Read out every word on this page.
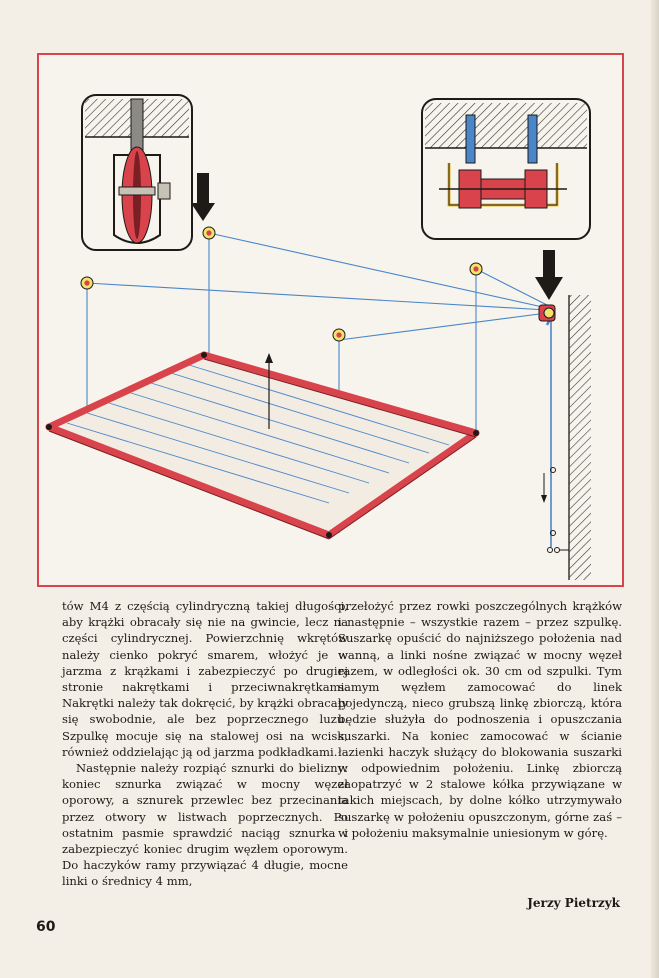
tów M4 z częścią cylindryczną takiej długości, aby krążki obracały się nie na gwincie, lecz na części cylindrycznej. Powierzchnię wkrętów należy cienko pokryć smarem, włożyć je w jarzma z krążkami i zabezpieczyć po drugiej stronie nakrętkami i przeciwnakrętkami. Nakrętki należy tak dokręcić, by krążki obracały się swobodnie, ale bez poprzecznego luzu. Szpulkę mocuje się na stalowej osi na wcisk, również oddzielając ją od jarzma podkładkami.

Następnie należy rozpiąć sznurki do bielizny: koniec sznurka związać w mocny węzeł oporowy, a sznurek przewlec bez przecinania przez otwory w listwach poprzecznych. Po ostatnim pasmie sprawdzić naciąg sznurka i zabezpieczyć koniec drugim węzłem oporowym. Do haczyków ramy przywiązać 4 długie, mocne linki o średnicy 4 mm,

przełożyć przez rowki poszczególnych krążków i następnie – wszystkie razem – przez szpulkę. Suszarkę opuścić do najniższego położenia nad wanną, a linki nośne związać w mocny węzeł razem, w odległości ok. 30 cm od szpulki. Tym samym węzłem zamocować do linek pojedynczą, nieco grubszą linkę zbiorczą, która będzie służyła do podnoszenia i opuszczania suszarki. Na koniec zamocować w ścianie łazienki haczyk służący do blokowania suszarki w odpowiednim położeniu. Linkę zbiorczą zaopatrzyć w 2 stalowe kółka przywiązane w takich miejscach, by dolne kółko utrzymywało suszarkę w położeniu opuszczonym, górne zaś – w położeniu maksymalnie uniesionym w górę.

Jerzy Pietrzyk
60
